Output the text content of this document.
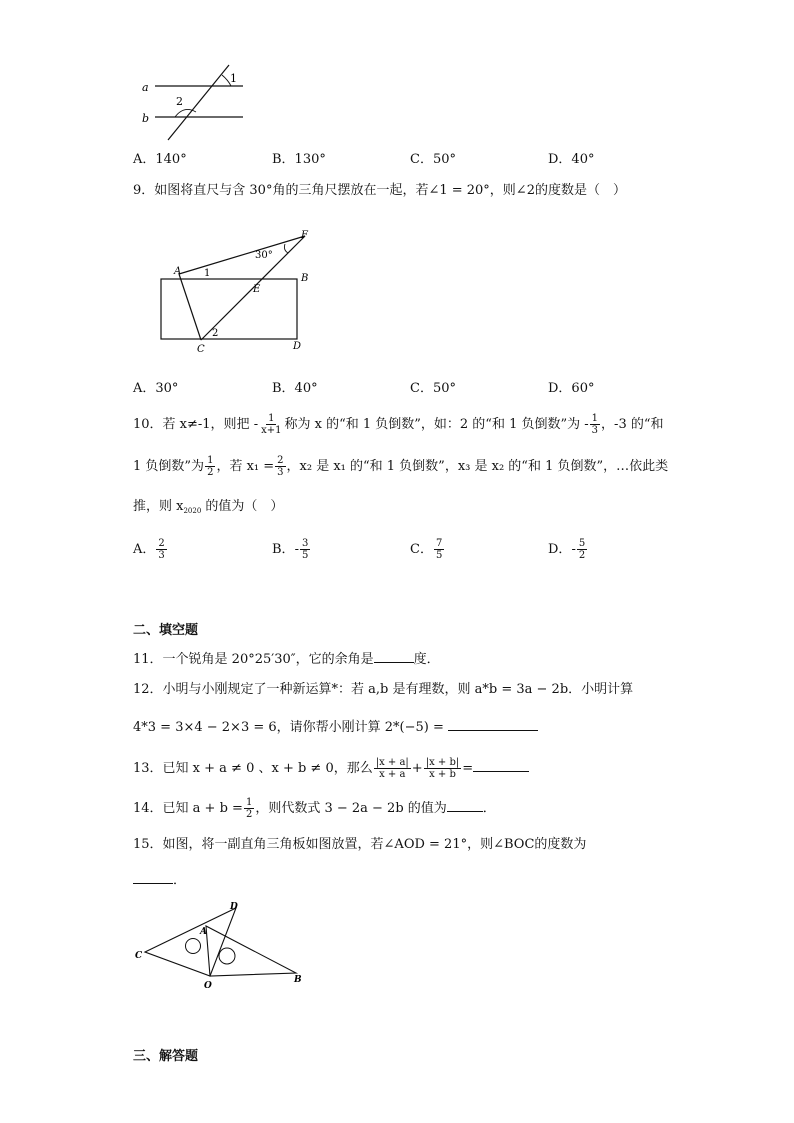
a
b
1
2
A．140°	B．130°	C．50°	D．40°
9．如图将直尺与含 30°角的三角尺摆放在一起，若∠1 = 20°，则∠2的度数是（　）
A
B
C	D
E
F
30°
1
2
A．30°	B．40°	C．50°	D．60°
10．若 x≠-1，则把 - $\frac{1}{x+1}$ 称为 x 的“和 1 负倒数”，如：2 的“和 1 负倒数”为 - $\frac{1}{3}$ ，-3 的“和
1 负倒数”为 $\frac{1}{2}$ ，若 $x_1 = \frac{2}{3}$ ，x₂ 是 x₁ 的“和 1 负倒数”，x₃ 是 x₂ 的“和 1 负倒数”，…依此类
推，则 $x_{2020}$ 的值为（　）
A． $\frac{2}{3}$	B．- $\frac{3}{5}$	C． $\frac{7}{5}$	D．- $\frac{5}{2}$
二、填空题
11．一个锐角是 20°25′30″，它的余角是	度．
12．小明与小刚规定了一种新运算*：若 a,b 是有理数，则 a*b = 3a − 2b．小明计算
4*3 = 3×4 − 2×3 = 6，请你帮小刚计算 2*(−5) =
13．已知 x + a ≠ 0 、x + b ≠ 0，那么 $\frac{|x + a|}{x + a} + \frac{|x + b|}{x + b}$ =
14．已知 $a + b = \frac{1}{2}$ ，则代数式 3 − 2a − 2b 的值为	．
15．如图，将一副直角三角板如图放置，若∠AOD = 21°，则∠BOC的度数为
．
C
D
A
O
B
三、解答题
